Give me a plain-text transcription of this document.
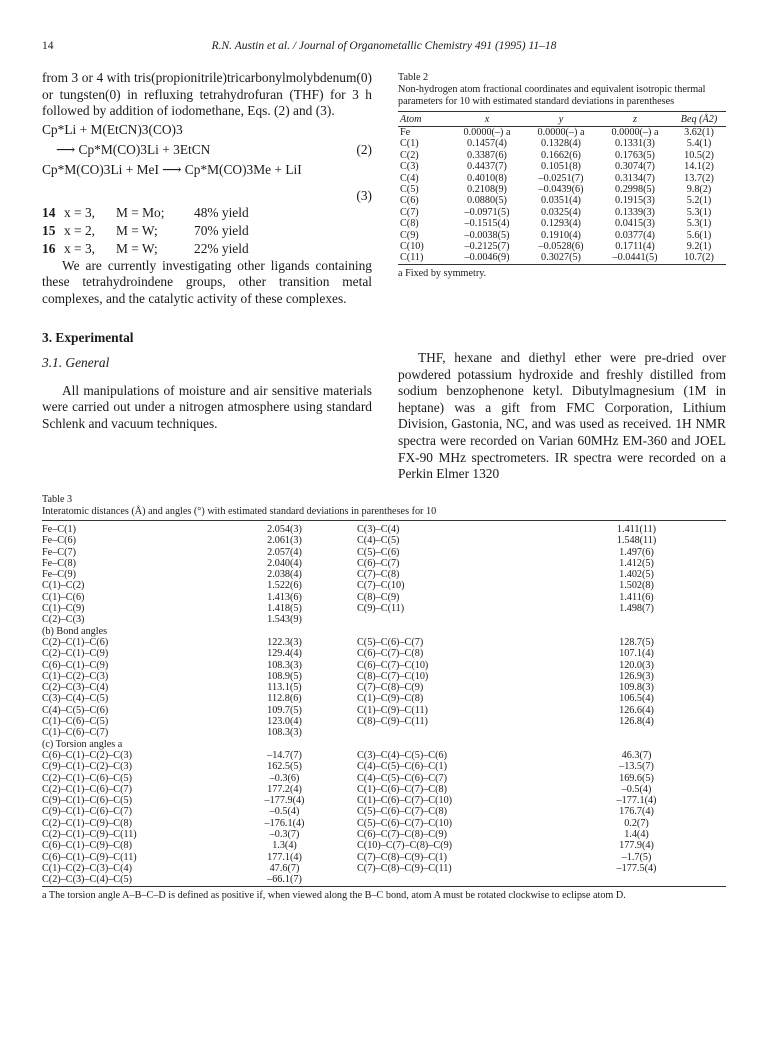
14	R.N. Austin et al. / Journal of Organometallic Chemistry 491 (1995) 11–18

from 3 or 4 with tris(propionitrile)tricarbonylmolybdenum(0) or tungsten(0) in refluxing tetrahydrofuran (THF) for 3 h followed by addition of iodomethane, Eqs. (2) and (3).

Cp*Li + M(EtCN)3(CO)3
⟶ Cp*M(CO)3Li + 3EtCN	(2)
Cp*M(CO)3Li + MeI ⟶ Cp*M(CO)3Me + LiI
(3)
14 x = 3,	M = Mo;	48% yield
15 x = 2,	M = W;	70% yield
16 x = 3,	M = W;	22% yield

We are currently investigating other ligands containing these tetrahydroindene groups, other transition metal complexes, and the catalytic activity of these complexes.

3. Experimental
3.1. General

All manipulations of moisture and air sensitive materials were carried out under a nitrogen atmosphere using standard Schlenk and vacuum techniques.

Table 2
Non-hydrogen atom fractional coordinates and equivalent isotropic thermal parameters for 10 with estimated standard deviations in parentheses
Atom	x	y	z	Beq (Å2)
Fe	0.0000(–) a	0.0000(–) a	0.0000(–) a	3.62(1)
C(1)	0.1457(4)	0.1328(4)	0.1331(3)	5.4(1)
C(2)	0.3387(6)	0.1662(6)	0.1763(5)	10.5(2)
C(3)	0.4437(7)	0.1051(8)	0.3074(7)	14.1(2)
C(4)	0.4010(8)	–0.0251(7)	0.3134(7)	13.7(2)
C(5)	0.2108(9)	–0.0439(6)	0.2998(5)	9.8(2)
C(6)	0.0880(5)	0.0351(4)	0.1915(3)	5.2(1)
C(7)	–0.0971(5)	0.0325(4)	0.1339(3)	5.3(1)
C(8)	–0.1515(4)	0.1293(4)	0.0415(3)	5.3(1)
C(9)	–0.0038(5)	0.1910(4)	0.0377(4)	5.6(1)
C(10)	–0.2125(7)	–0.0528(6)	0.1711(4)	9.2(1)
C(11)	–0.0046(9)	0.3027(5)	–0.0441(5)	10.7(2)
a Fixed by symmetry.

THF, hexane and diethyl ether were pre-dried over powdered potassium hydroxide and freshly distilled from sodium benzophenone ketyl. Dibutylmagnesium (1M in heptane) was a gift from FMC Corporation, Lithium Division, Gastonia, NC, and was used as received. 1H NMR spectra were recorded on Varian 60MHz EM-360 and JOEL FX-90 MHz spectrometers. IR spectra were recorded on a Perkin Elmer 1320

Table 3
Interatomic distances (Å) and angles (°) with estimated standard deviations in parentheses for 10
Fe–C(1)	2.054(3)	C(3)–C(4)	1.411(11)
Fe–C(6)	2.061(3)	C(4)–C(5)	1.548(11)
Fe–C(7)	2.057(4)	C(5)–C(6)	1.497(6)
Fe–C(8)	2.040(4)	C(6)–C(7)	1.412(5)
Fe–C(9)	2.038(4)	C(7)–C(8)	1.402(5)
C(1)–C(2)	1.522(6)	C(7)–C(10)	1.502(8)
C(1)–C(6)	1.413(6)	C(8)–C(9)	1.411(6)
C(1)–C(9)	1.418(5)	C(9)–C(11)	1.498(7)
C(2)–C(3)	1.543(9)		
(b) Bond angles			
C(2)–C(1)–C(6)	122.3(3)	C(5)–C(6)–C(7)	128.7(5)
C(2)–C(1)–C(9)	129.4(4)	C(6)–C(7)–C(8)	107.1(4)
C(6)–C(1)–C(9)	108.3(3)	C(6)–C(7)–C(10)	120.0(3)
C(1)–C(2)–C(3)	108.9(5)	C(8)–C(7)–C(10)	126.9(3)
C(2)–C(3)–C(4)	113.1(5)	C(7)–C(8)–C(9)	109.8(3)
C(3)–C(4)–C(5)	112.8(6)	C(1)–C(9)–C(8)	106.5(4)
C(4)–C(5)–C(6)	109.7(5)	C(1)–C(9)–C(11)	126.6(4)
C(1)–C(6)–C(5)	123.0(4)	C(8)–C(9)–C(11)	126.8(4)
C(1)–C(6)–C(7)	108.3(3)		
(c) Torsion angles a			
C(6)–C(1)–C(2)–C(3)	–14.7(7)	C(3)–C(4)–C(5)–C(6)	46.3(7)
C(9)–C(1)–C(2)–C(3)	162.5(5)	C(4)–C(5)–C(6)–C(1)	–13.5(7)
C(2)–C(1)–C(6)–C(5)	–0.3(6)	C(4)–C(5)–C(6)–C(7)	169.6(5)
C(2)–C(1)–C(6)–C(7)	177.2(4)	C(1)–C(6)–C(7)–C(8)	–0.5(4)
C(9)–C(1)–C(6)–C(5)	–177.9(4)	C(1)–C(6)–C(7)–C(10)	–177.1(4)
C(9)–C(1)–C(6)–C(7)	–0.5(4)	C(5)–C(6)–C(7)–C(8)	176.7(4)
C(2)–C(1)–C(9)–C(8)	–176.1(4)	C(5)–C(6)–C(7)–C(10)	0.2(7)
C(2)–C(1)–C(9)–C(11)	–0.3(7)	C(6)–C(7)–C(8)–C(9)	1.4(4)
C(6)–C(1)–C(9)–C(8)	1.3(4)	C(10)–C(7)–C(8)–C(9)	177.9(4)
C(6)–C(1)–C(9)–C(11)	177.1(4)	C(7)–C(8)–C(9)–C(1)	–1.7(5)
C(1)–C(2)–C(3)–C(4)	47.6(7)	C(7)–C(8)–C(9)–C(11)	–177.5(4)
C(2)–C(3)–C(4)–C(5)	–66.1(7)		
a The torsion angle A–B–C–D is defined as positive if, when viewed along the B–C bond, atom A must be rotated clockwise to eclipse atom D.
